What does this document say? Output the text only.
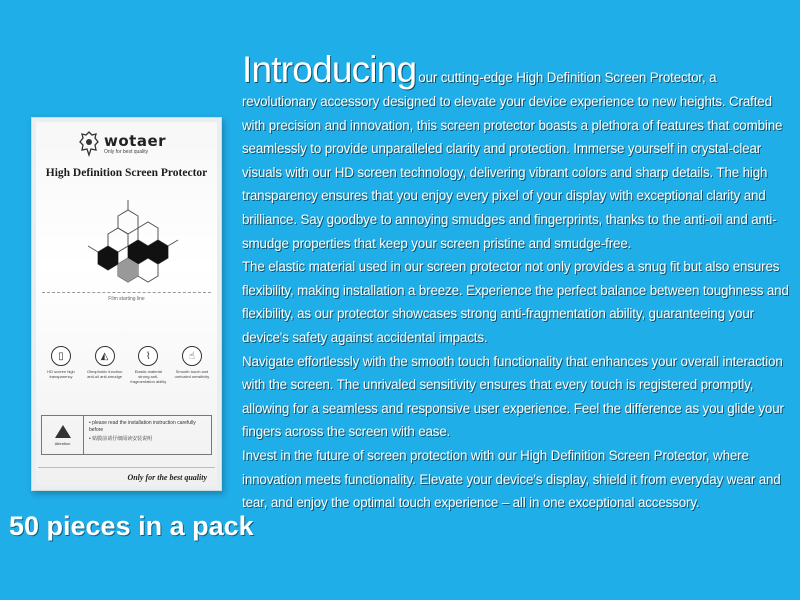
wotaer
Only for best quality
High Definition Screen Protector
Film starting line
▯
HD screen high transparency
◭
Oleophobic function anti-oil anti-smudge
⌇
Elastic material strong anti-fragmentation ability
☝
Smooth touch and unrivaled sensitivity
Attention
• please read the installation instruction carefully before
• 贴膜前请仔细阅读安装说明
Only for the best quality
50 pieces in a pack
Introducing our cutting-edge High Definition Screen Protector, a revolutionary accessory designed to elevate your device experience to new heights. Crafted with precision and innovation, this screen protector boasts a plethora of features that combine seamlessly to provide unparalleled clarity and protection. Immerse yourself in crystal-clear visuals with our HD screen technology, delivering vibrant colors and sharp details. The high transparency ensures that you enjoy every pixel of your display with exceptional clarity and brilliance. Say goodbye to annoying smudges and fingerprints, thanks to the anti-oil and anti-smudge properties that keep your screen pristine and smudge-free.
The elastic material used in our screen protector not only provides a snug fit but also ensures flexibility, making installation a breeze. Experience the perfect balance between toughness and flexibility, as our protector showcases strong anti-fragmentation ability, guaranteeing your device's safety against accidental impacts.
Navigate effortlessly with the smooth touch functionality that enhances your overall interaction with the screen. The unrivaled sensitivity ensures that every touch is registered promptly, allowing for a seamless and responsive user experience. Feel the difference as you glide your fingers across the screen with ease.
Invest in the future of screen protection with our High Definition Screen Protector, where innovation meets functionality. Elevate your device's display, shield it from everyday wear and tear, and enjoy the optimal touch experience – all in one exceptional accessory.
